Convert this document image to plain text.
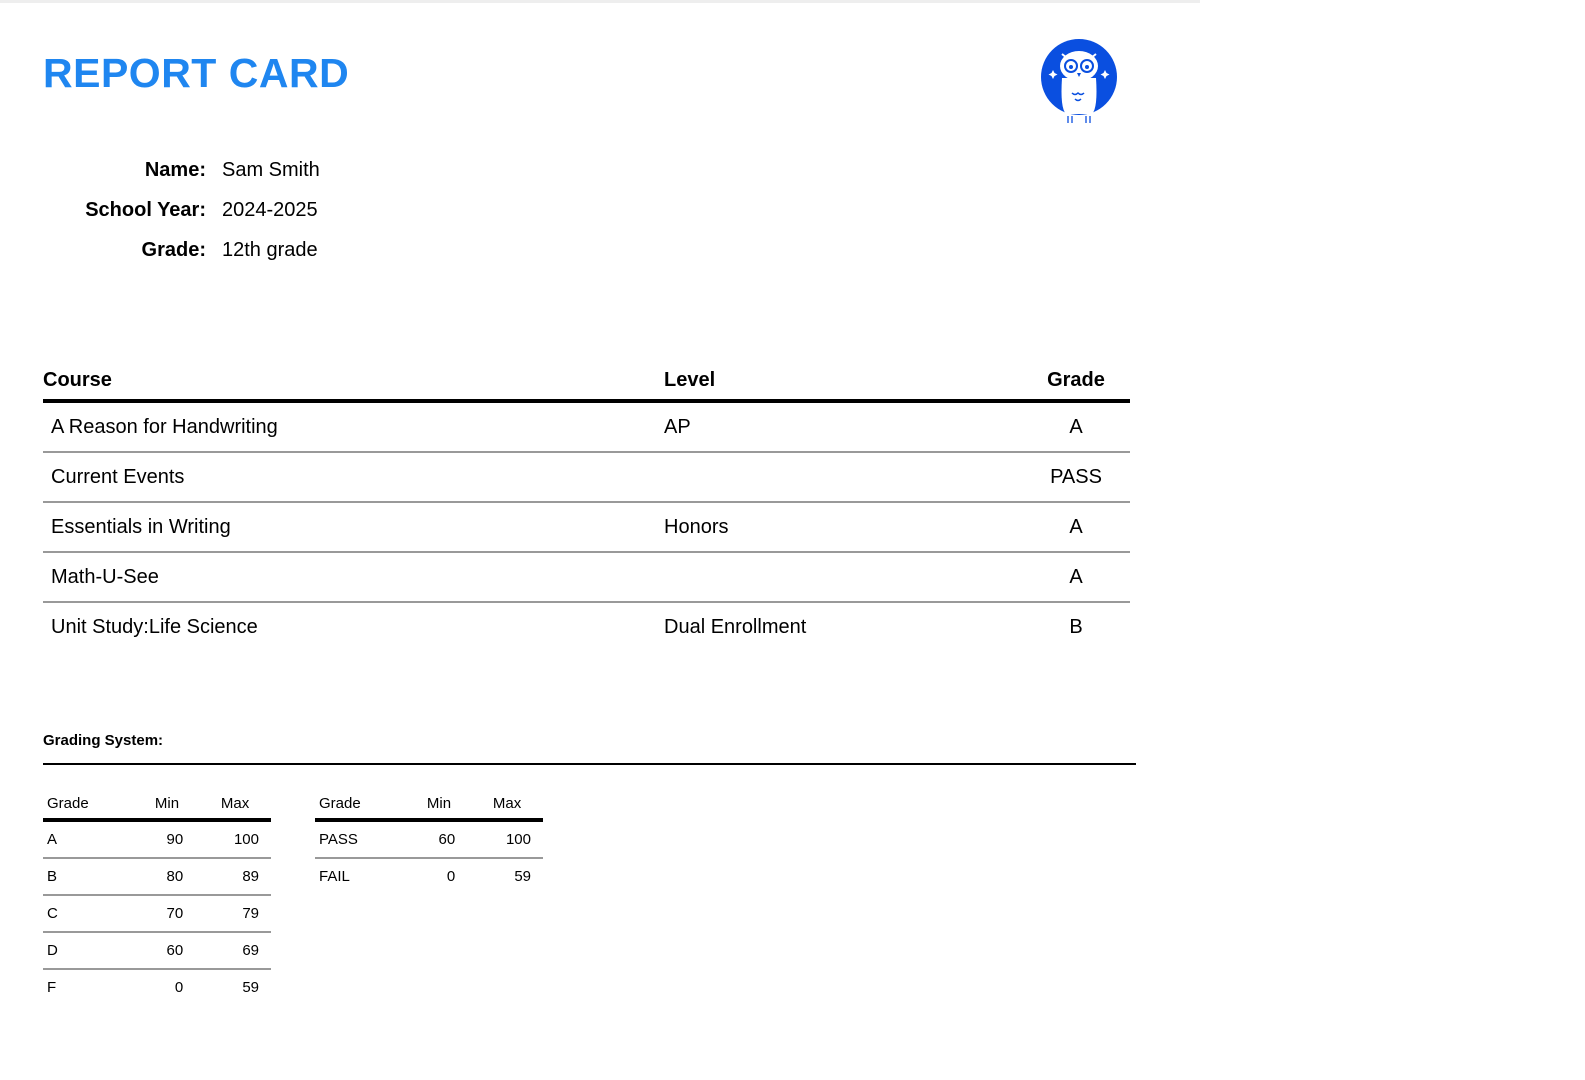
REPORT CARD
Name: Sam Smith
School Year: 2024-2025
Grade: 12th grade
Course	Level	Grade
A Reason for Handwriting	AP	A
Current Events		PASS
Essentials in Writing	Honors	A
Math-U-See		A
Unit Study:Life Science	Dual Enrollment	B
Grading System:
Grade	Min	Max
A	90	100
B	80	89
C	70	79
D	60	69
F	0	59
Grade	Min	Max
PASS	60	100
FAIL	0	59
